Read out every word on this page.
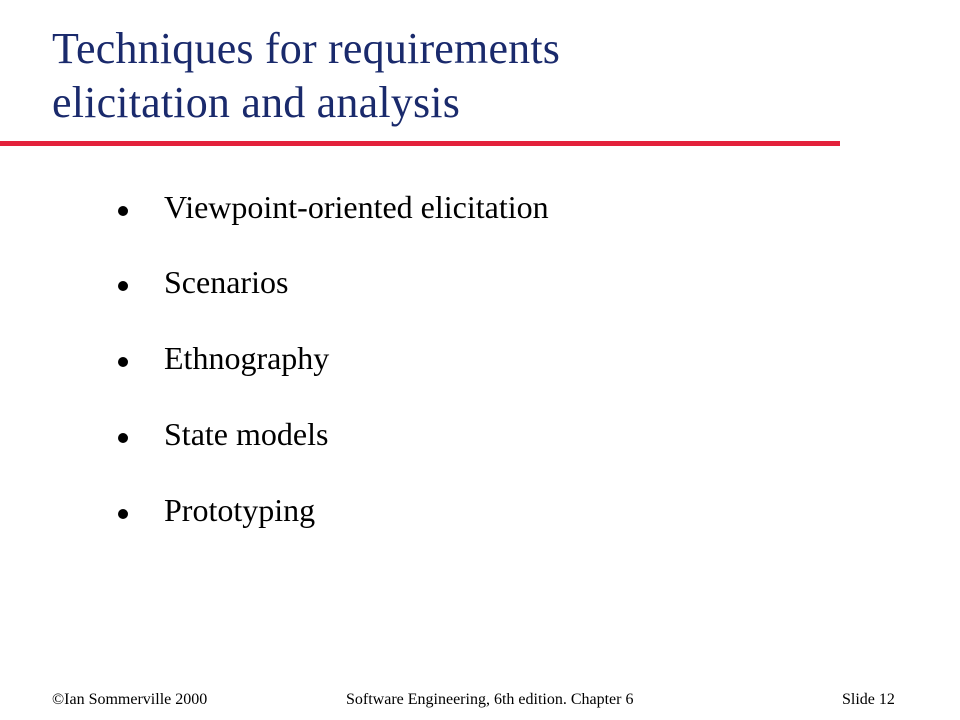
Techniques for requirements
elicitation and analysis
Viewpoint-oriented elicitation
Scenarios
Ethnography
State models
Prototyping
©Ian Sommerville 2000	Software Engineering, 6th edition. Chapter 6	Slide 12
